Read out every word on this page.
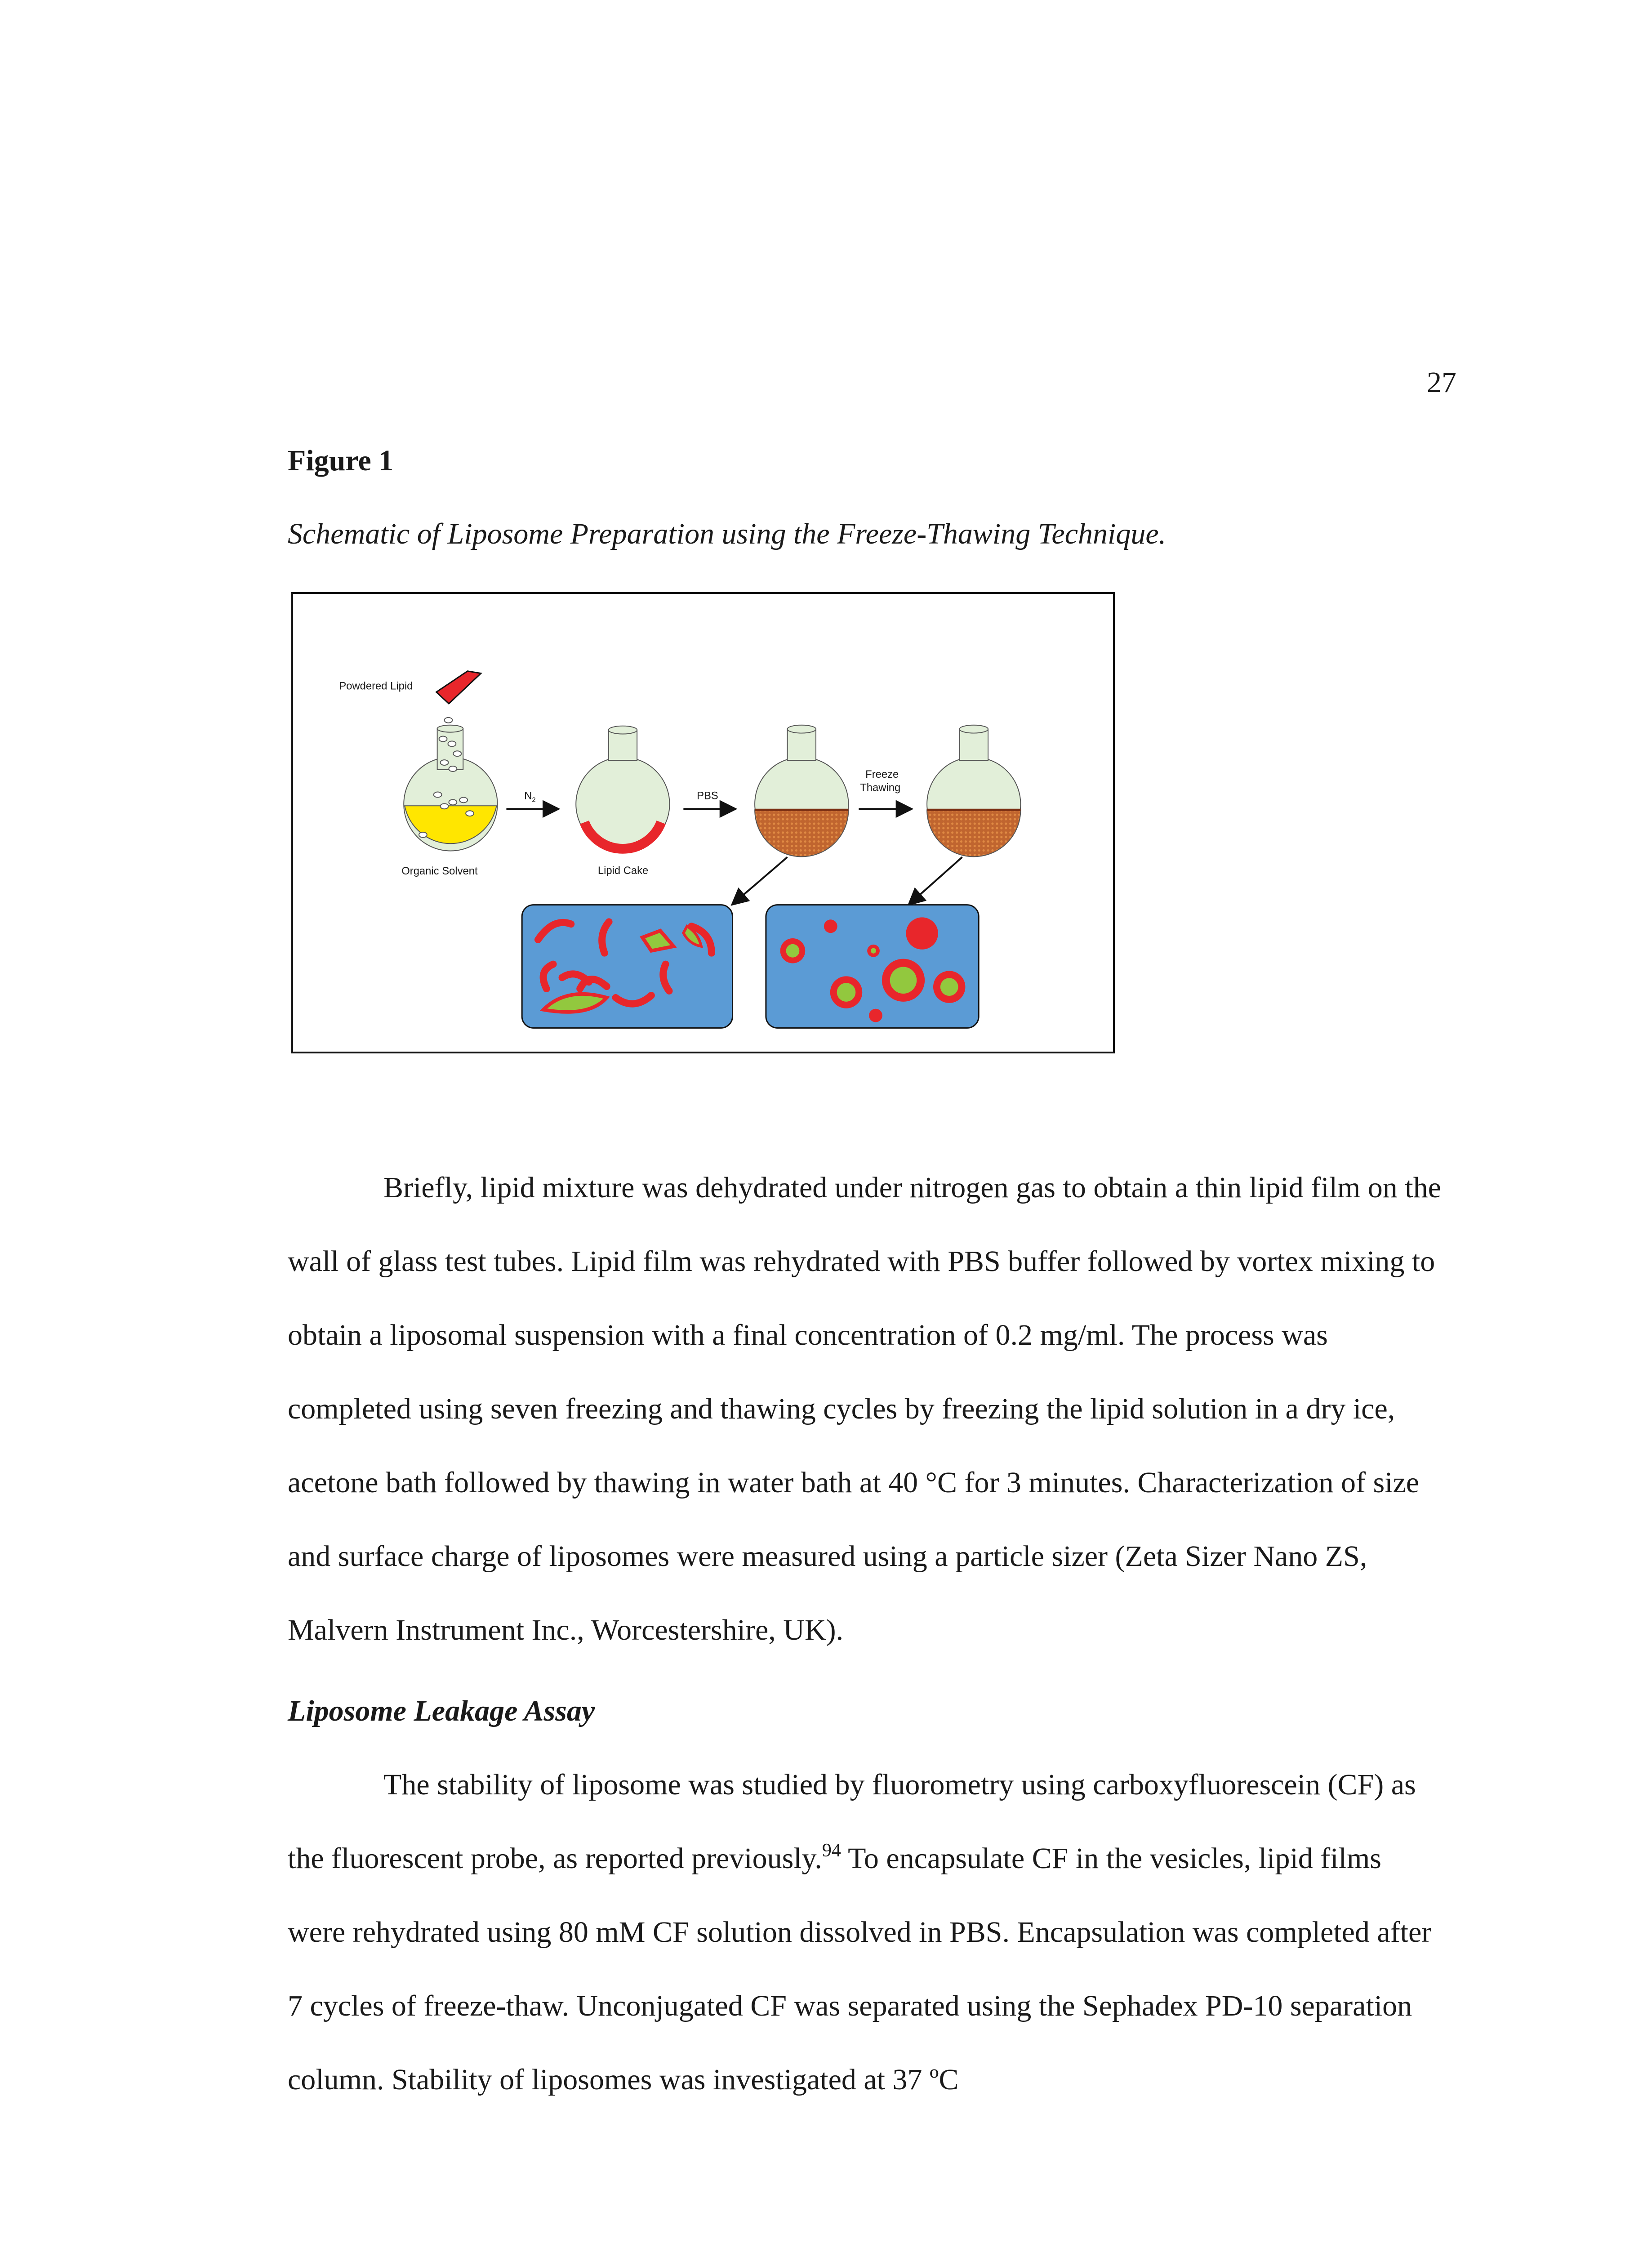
27
Figure 1
Schematic of Liposome Preparation using the Freeze-Thawing Technique.
Powdered Lipid
Organic Solvent
$N_2$
Lipid Cake
PBS
Freeze
Thawing

Briefly, lipid mixture was dehydrated under nitrogen gas to obtain a thin lipid film on the wall of glass test tubes. Lipid film was rehydrated with PBS buffer followed by vortex mixing to obtain a liposomal suspension with a final concentration of 0.2 mg/ml. The process was completed using seven freezing and thawing cycles by freezing the lipid solution in a dry ice, acetone bath followed by thawing in water bath at 40 °C for 3 minutes. Characterization of size and surface charge of liposomes were measured using a particle sizer (Zeta Sizer Nano ZS, Malvern Instrument Inc., Worcestershire, UK).

Liposome Leakage Assay

The stability of liposome was studied by fluorometry using carboxyfluorescein (CF) as the fluorescent probe, as reported previously.$^{94}$ To encapsulate CF in the vesicles, lipid films were rehydrated using 80 mM CF solution dissolved in PBS. Encapsulation was completed after 7 cycles of freeze-thaw. Unconjugated CF was separated using the Sephadex PD-10 separation column. Stability of liposomes was investigated at 37 ºC
